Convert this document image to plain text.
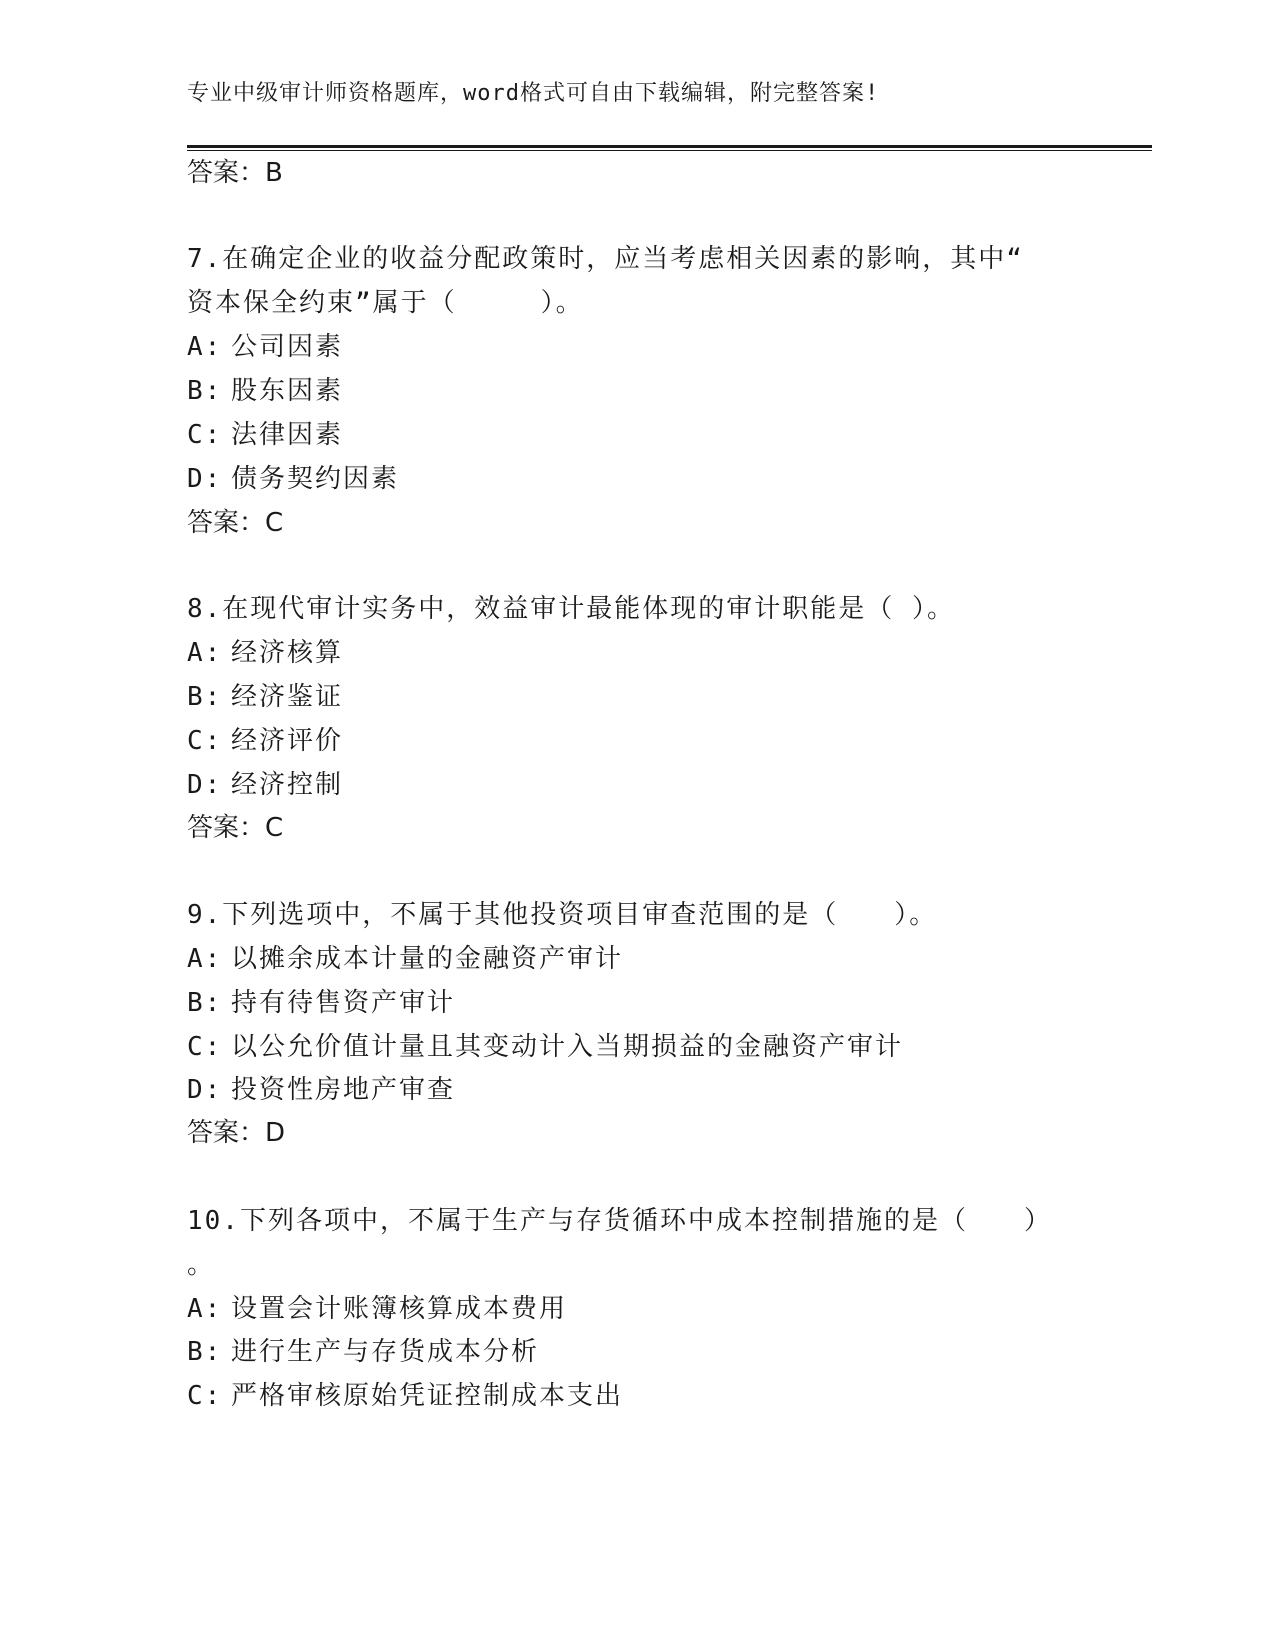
专业中级审计师资格题库，word格式可自由下载编辑，附完整答案!
答案：B
7.在确定企业的收益分配政策时，应当考虑相关因素的影响，其中“
资本保全约束”属于（　　　）。
A: 公司因素
B: 股东因素
C: 法律因素
D: 债务契约因素
答案：C
8.在现代审计实务中，效益审计最能体现的审计职能是（ ）。
A: 经济核算
B: 经济鉴证
C: 经济评价
D: 经济控制
答案：C
9.下列选项中，不属于其他投资项目审查范围的是（　　）。
A: 以摊余成本计量的金融资产审计
B: 持有待售资产审计
C: 以公允价值计量且其变动计入当期损益的金融资产审计
D: 投资性房地产审查
答案：D
10.下列各项中，不属于生产与存货循环中成本控制措施的是（　　）
。
A: 设置会计账簿核算成本费用
B: 进行生产与存货成本分析
C: 严格审核原始凭证控制成本支出
